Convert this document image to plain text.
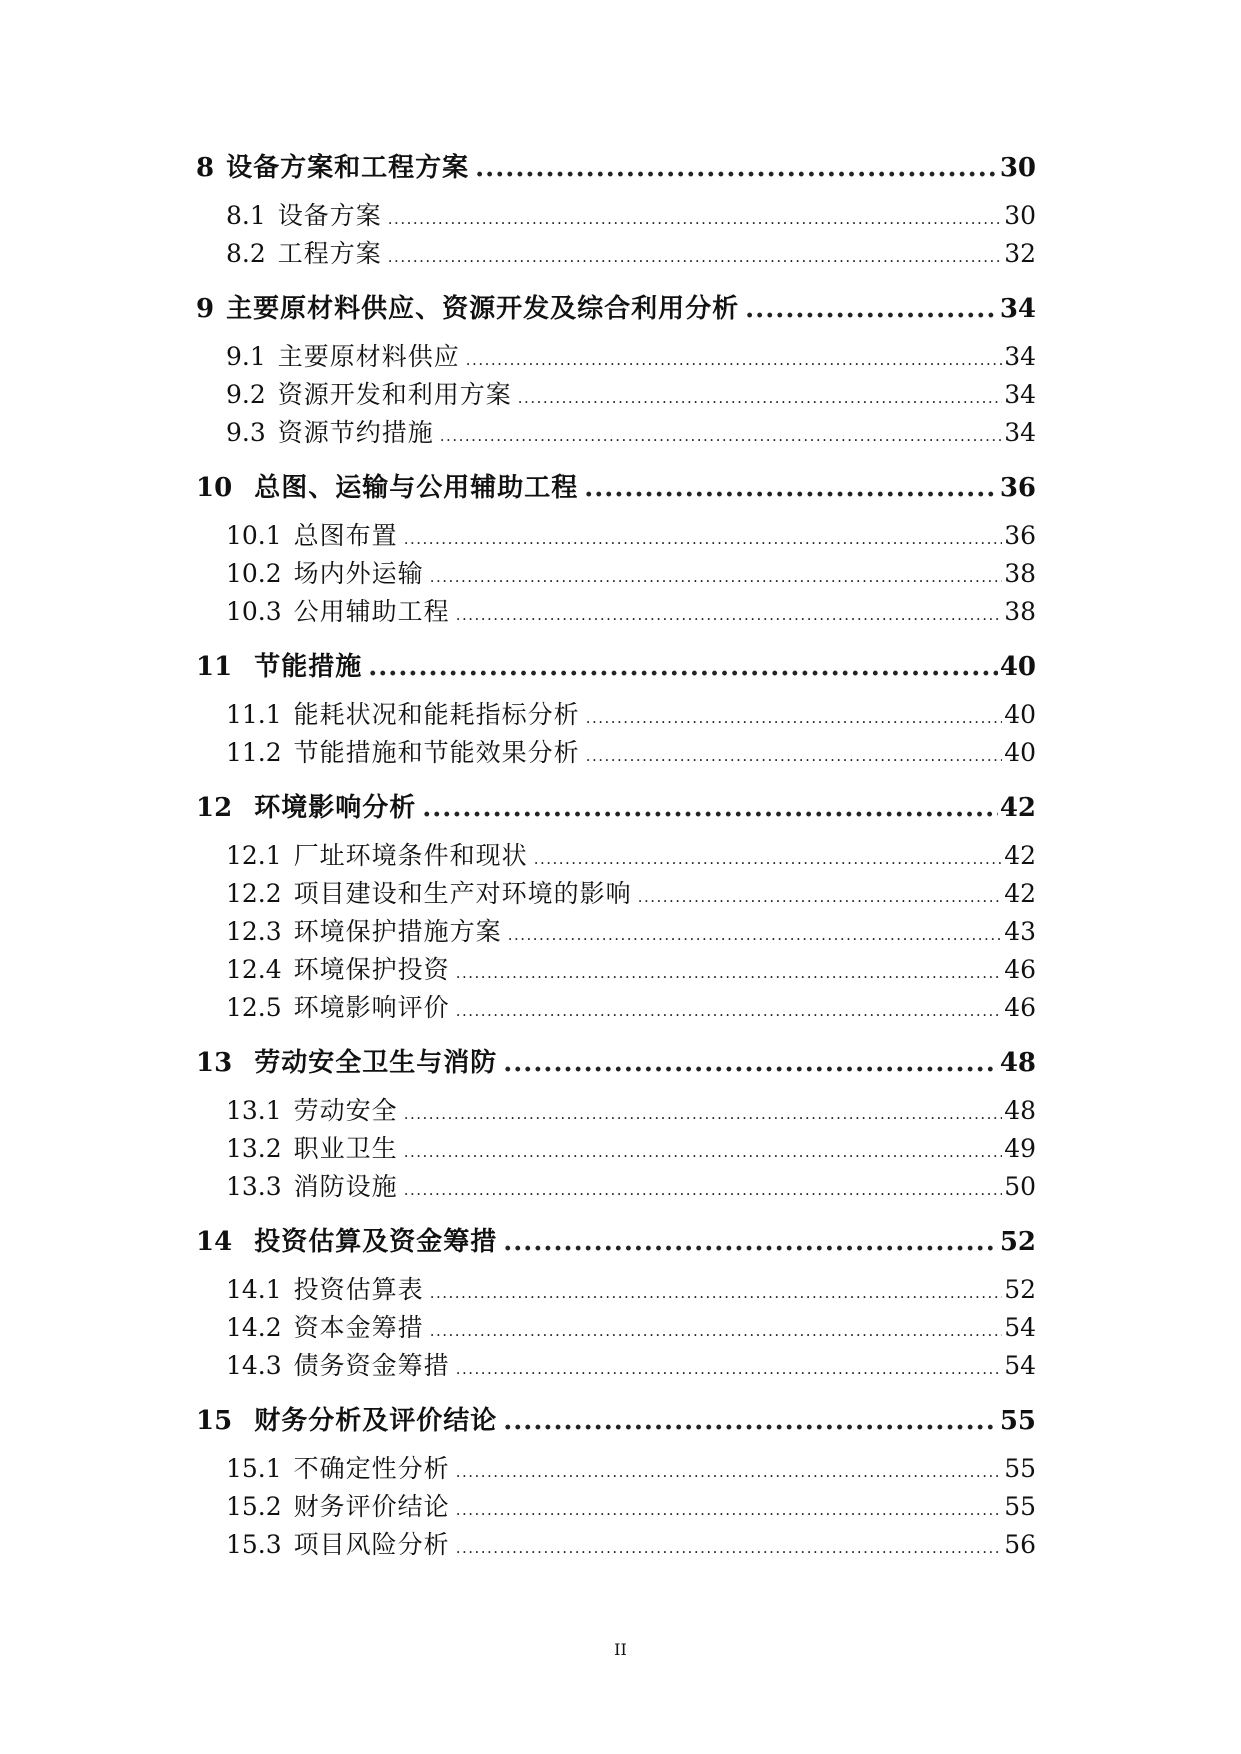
8 设备方案和工程方案 .....	30
8.1 设备方案 .....	30
8.2 工程方案 .....	32
9 主要原材料供应、资源开发及综合利用分析 .....	34
9.1 主要原材料供应 .....	34
9.2 资源开发和利用方案 .....	34
9.3 资源节约措施 .....	34
10 总图、运输与公用辅助工程 .....	36
10.1 总图布置 .....	36
10.2 场内外运输 .....	38
10.3 公用辅助工程 .....	38
11 节能措施 .....	40
11.1 能耗状况和能耗指标分析 .....	40
11.2 节能措施和节能效果分析 .....	40
12 环境影响分析 .....	42
12.1 厂址环境条件和现状 .....	42
12.2 项目建设和生产对环境的影响 .....	42
12.3 环境保护措施方案 .....	43
12.4 环境保护投资 .....	46
12.5 环境影响评价 .....	46
13 劳动安全卫生与消防 .....	48
13.1 劳动安全 .....	48
13.2 职业卫生 .....	49
13.3 消防设施 .....	50
14 投资估算及资金筹措 .....	52
14.1 投资估算表 .....	52
14.2 资本金筹措 .....	54
14.3 债务资金筹措 .....	54
15 财务分析及评价结论 .....	55
15.1 不确定性分析 .....	55
15.2 财务评价结论 .....	55
15.3 项目风险分析 .....	56
II
